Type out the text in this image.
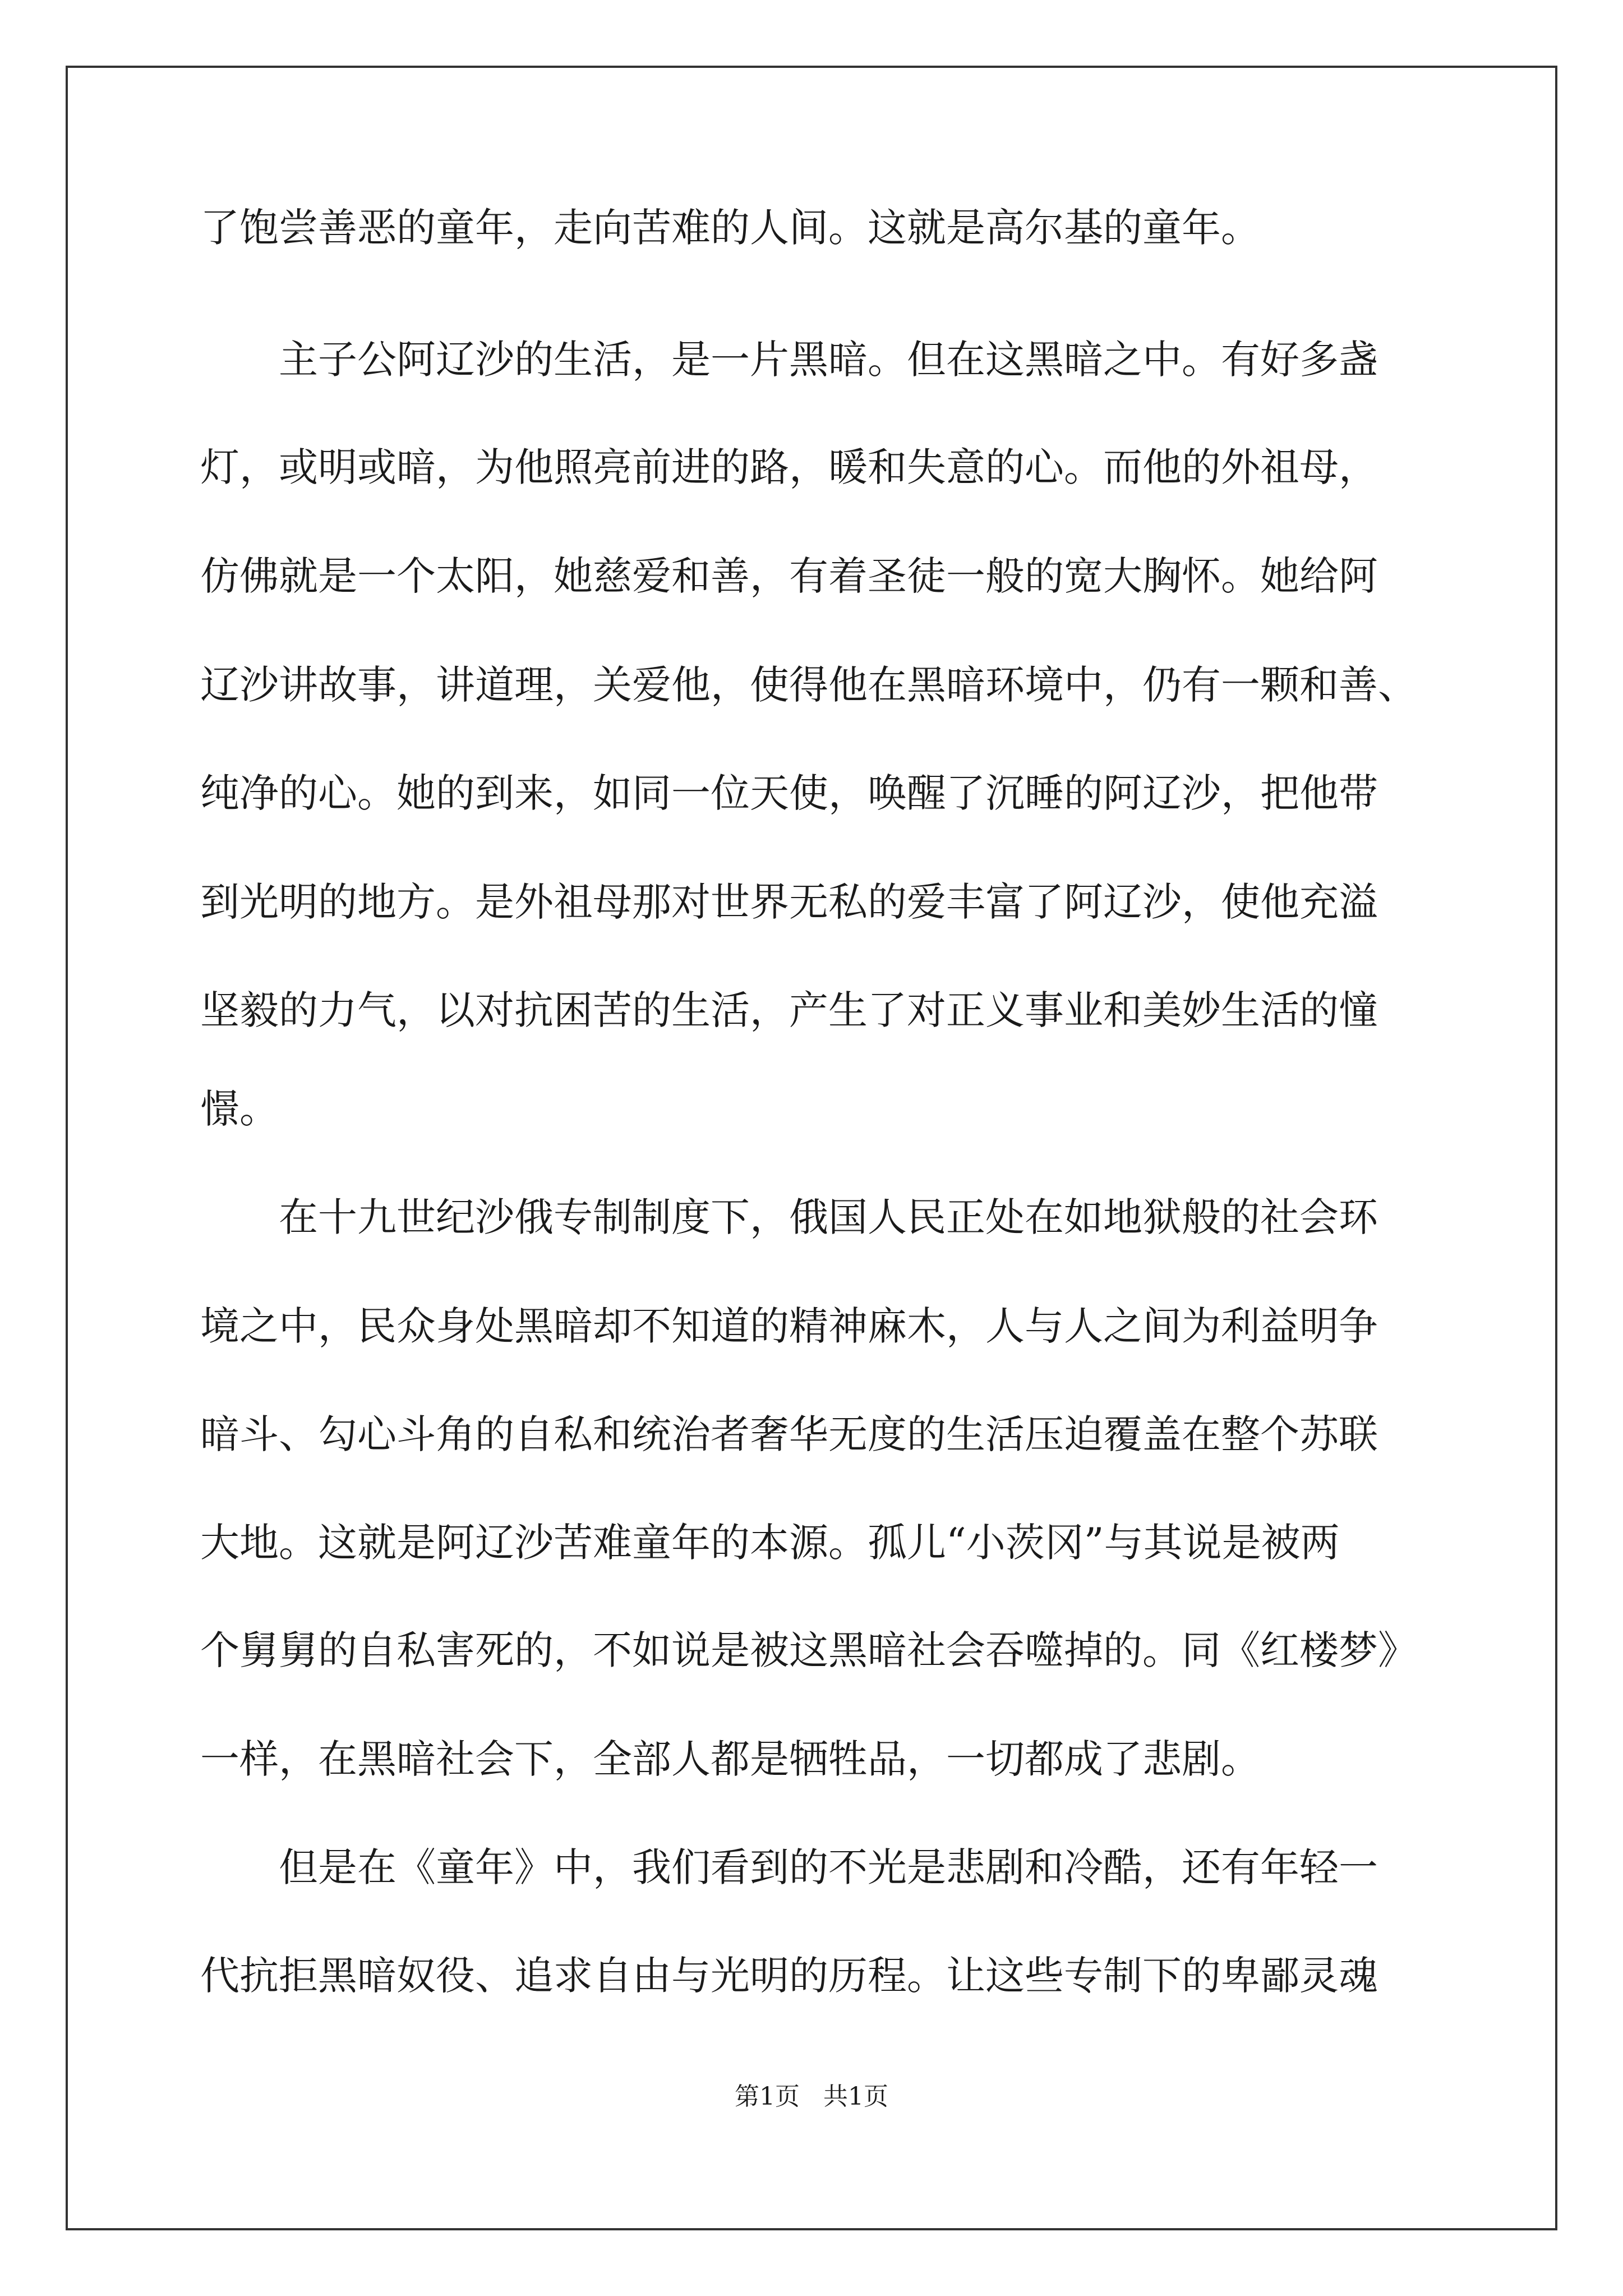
了饱尝善恶的童年，走向苦难的人间。这就是高尔基的童年。
主子公阿辽沙的生活，是一片黑暗。但在这黑暗之中。有好多盏
灯，或明或暗，为他照亮前进的路，暖和失意的心。而他的外祖母，
仿佛就是一个太阳，她慈爱和善，有着圣徒一般的宽大胸怀。她给阿
辽沙讲故事，讲道理，关爱他，使得他在黑暗环境中，仍有一颗和善、
纯净的心。她的到来，如同一位天使，唤醒了沉睡的阿辽沙，把他带
到光明的地方。是外祖母那对世界无私的爱丰富了阿辽沙，使他充溢
坚毅的力气，以对抗困苦的生活，产生了对正义事业和美妙生活的憧
憬。
在十九世纪沙俄专制制度下，俄国人民正处在如地狱般的社会环
境之中，民众身处黑暗却不知道的精神麻木，人与人之间为利益明争
暗斗、勾心斗角的自私和统治者奢华无度的生活压迫覆盖在整个苏联
大地。这就是阿辽沙苦难童年的本源。孤儿“小茨冈”与其说是被两
个舅舅的自私害死的，不如说是被这黑暗社会吞噬掉的。同《红楼梦》
一样，在黑暗社会下，全部人都是牺牲品，一切都成了悲剧。
但是在《童年》中，我们看到的不光是悲剧和冷酷，还有年轻一
代抗拒黑暗奴役、追求自由与光明的历程。让这些专制下的卑鄙灵魂
第1页   共1页
